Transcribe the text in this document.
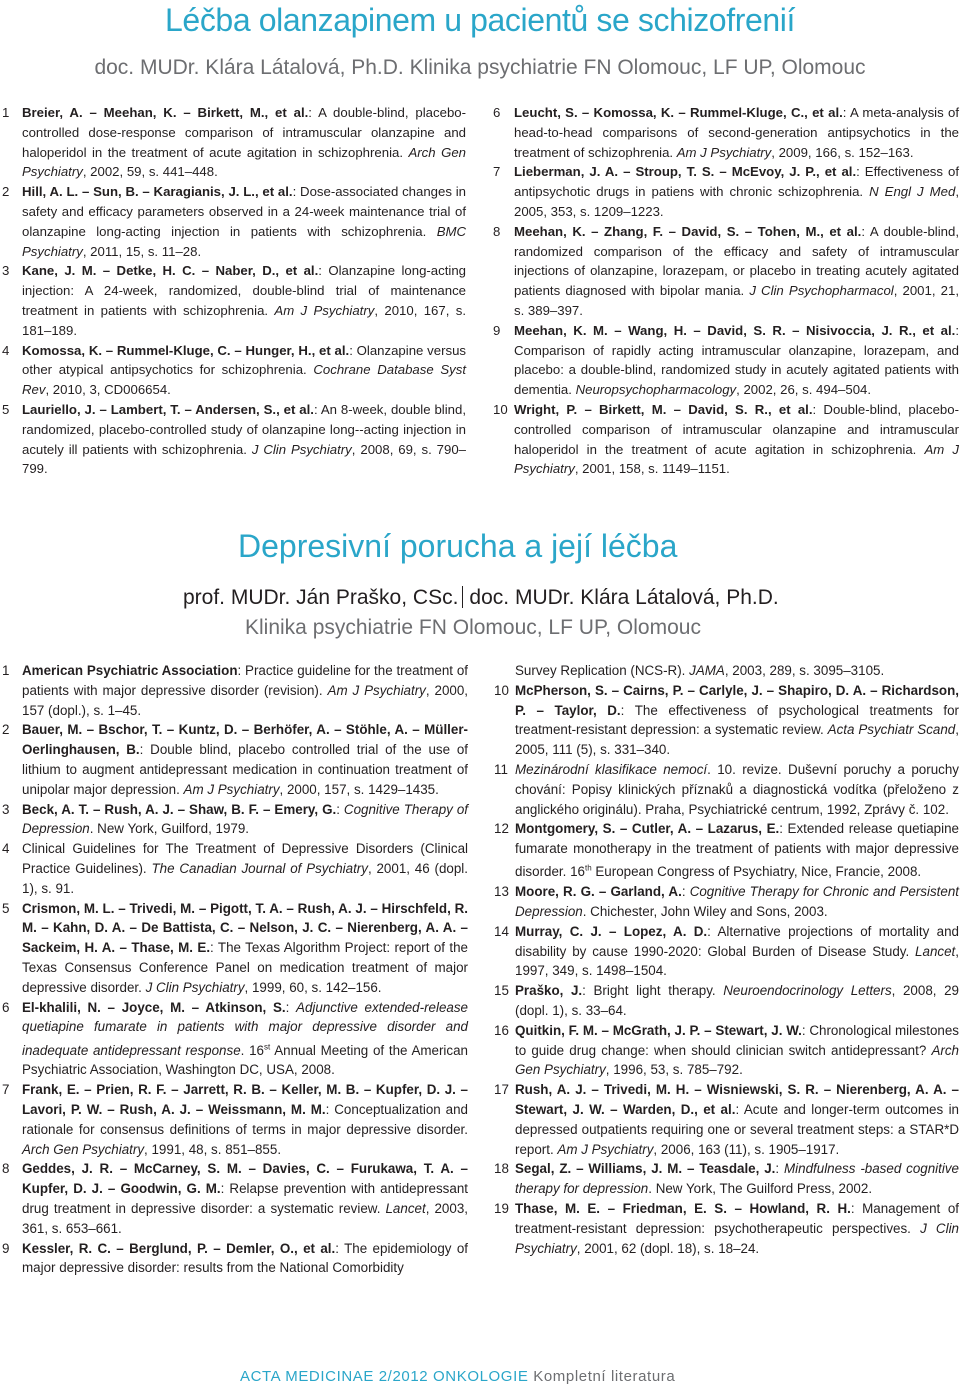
Léčba olanzapinem u pacientů se schizofrenií

doc. MUDr. Klára Látalová, Ph.D. Klinika psychiatrie FN Olomouc, LF UP, Olomouc

1 Breier, A. – Meehan, K. – Birkett, M., et al.: A double-blind, placebo-controlled dose-response comparison of intramuscular olanzapine and haloperidol in the treatment of acute agitation in schizophrenia. Arch Gen Psychiatry, 2002, 59, s. 441–448.
2 Hill, A. L. – Sun, B. – Karagianis, J. L., et al.: Dose-associated changes in safety and efficacy parameters observed in a 24-week maintenance trial of olanzapine long-acting injection in patients with schizophrenia. BMC Psychiatry, 2011, 15, s. 11–28.
3 Kane, J. M. – Detke, H. C. – Naber, D., et al.: Olanzapine long-acting injection: A 24-week, randomized, double-blind trial of maintenance treatment in patients with schizophrenia. Am J Psychiatry, 2010, 167, s. 181–189.
4 Komossa, K. – Rummel-Kluge, C. – Hunger, H., et al.: Olanzapine versus other atypical antipsychotics for schizophrenia. Cochrane Database Syst Rev, 2010, 3, CD006654.
5 Lauriello, J. – Lambert, T. – Andersen, S., et al.: An 8-week, double blind, randomized, placebo-controlled study of olanzapine long--acting injection in acutely ill patients with schizophrenia. J Clin Psychiatry, 2008, 69, s. 790–799.
6 Leucht, S. – Komossa, K. – Rummel-Kluge, C., et al.: A meta-analysis of head-to-head comparisons of second-generation antipsychotics in the treatment of schizophrenia. Am J Psychiatry, 2009, 166, s. 152–163.
7 Lieberman, J. A. – Stroup, T. S. – McEvoy, J. P., et al.: Effectiveness of antipsychotic drugs in patiens with chronic schizophrenia. N Engl J Med, 2005, 353, s. 1209–1223.
8 Meehan, K. – Zhang, F. – David, S. – Tohen, M., et al.: A double-blind, randomized comparison of the efficacy and safety of intramuscular injections of olanzapine, lorazepam, or placebo in treating acutely agitated patients diagnosed with bipolar mania. J Clin Psychopharmacol, 2001, 21, s. 389–397.
9 Meehan, K. M. – Wang, H. – David, S. R. – Nisivoccia, J. R., et al.: Comparison of rapidly acting intramuscular olanzapine, lorazepam, and placebo: a double-blind, randomized study in acutely agitated patients with dementia. Neuropsychopharmacology, 2002, 26, s. 494–504.
10 Wright, P. – Birkett, M. – David, S. R., et al.: Double-blind, placebo-controlled comparison of intramuscular olanzapine and intramuscular haloperidol in the treatment of acute agitation in schizophrenia. Am J Psychiatry, 2001, 158, s. 1149–1151.
Depresivní porucha a její léčba
prof. MUDr. Ján Praško, CSc. doc. MUDr. Klára Látalová, Ph.D.

Klinika psychiatrie FN Olomouc, LF UP, Olomouc

1 American Psychiatric Association: Practice guideline for the treatment of patients with major depressive disorder (revision). Am J Psychiatry, 2000, 157 (dopl.), s. 1–45.
2 Bauer, M. – Bschor, T. – Kuntz, D. – Berhöfer, A. – Stöhle, A. – Müller-Oerlinghausen, B.: Double blind, placebo controlled trial of the use of lithium to augment antidepressant medication in continuation treatment of unipolar major depression. Am J Psychiatry, 2000, 157, s. 1429–1435.
3 Beck, A. T. – Rush, A. J. – Shaw, B. F. – Emery, G.: Cognitive Therapy of Depression. New York, Guilford, 1979.
4 Clinical Guidelines for The Treatment of Depressive Disorders (Clinical Practice Guidelines). The Canadian Journal of Psychiatry, 2001, 46 (dopl. 1), s. 91.
5 Crismon, M. L. – Trivedi, M. – Pigott, T. A. – Rush, A. J. – Hirschfeld, R. M. – Kahn, D. A. – De Battista, C. – Nelson, J. C. – Nierenberg, A. A. – Sackeim, H. A. – Thase, M. E.: The Texas Algorithm Project: report of the Texas Consensus Conference Panel on medication treatment of major depressive disorder. J Clin Psychiatry, 1999, 60, s. 142–156.
6 El-khalili, N. – Joyce, M. – Atkinson, S.: Adjunctive extended-release quetiapine fumarate in patients with major depressive disorder and inadequate antidepressant response. 16st Annual Meeting of the American Psychiatric Association, Washington DC, USA, 2008.
7 Frank, E. – Prien, R. F. – Jarrett, R. B. – Keller, M. B. – Kupfer, D. J. – Lavori, P. W. – Rush, A. J. – Weissmann, M. M.: Conceptualization and rationale for consensus definitions of terms in major depressive disorder. Arch Gen Psychiatry, 1991, 48, s. 851–855.
8 Geddes, J. R. – McCarney, S. M. – Davies, C. – Furukawa, T. A. – Kupfer, D. J. – Goodwin, G. M.: Relapse prevention with antidepressant drug treatment in depressive disorder: a systematic review. Lancet, 2003, 361, s. 653–661.
9 Kessler, R. C. – Berglund, P. – Demler, O., et al.: The epidemiology of major depressive disorder: results from the National Comorbidity
Survey Replication (NCS-R). JAMA, 2003, 289, s. 3095–3105.
10 McPherson, S. – Cairns, P. – Carlyle, J. – Shapiro, D. A. – Richardson, P. – Taylor, D.: The effectiveness of psychological treatments for treatment-resistant depression: a systematic review. Acta Psychiatr Scand, 2005, 111 (5), s. 331–340.
11 Mezinárodní klasifikace nemocí. 10. revize. Duševní poruchy a poruchy chování: Popisy klinických příznaků a diagnostická vodítka (přeloženo z anglického originálu). Praha, Psychiatrické centrum, 1992, Zprávy č. 102.
12 Montgomery, S. – Cutler, A. – Lazarus, E.: Extended release quetiapine fumarate monotherapy in the treatment of patients with major depressive disorder. 16th European Congress of Psychiatry, Nice, Francie, 2008.
13 Moore, R. G. – Garland, A.: Cognitive Therapy for Chronic and Persistent Depression. Chichester, John Wiley and Sons, 2003.
14 Murray, C. J. – Lopez, A. D.: Alternative projections of mortality and disability by cause 1990-2020: Global Burden of Disease Study. Lancet, 1997, 349, s. 1498–1504.
15 Praško, J.: Bright light therapy. Neuroendocrinology Letters, 2008, 29 (dopl. 1), s. 33–64.
16 Quitkin, F. M. – McGrath, J. P. – Stewart, J. W.: Chronological milestones to guide drug change: when should clinician switch antidepressant? Arch Gen Psychiatry, 1996, 53, s. 785–792.
17 Rush, A. J. – Trivedi, M. H. – Wisniewski, S. R. – Nierenberg, A. A. – Stewart, J. W. – Warden, D., et al.: Acute and longer-term outcomes in depressed outpatients requiring one or several treatment steps: a STAR*D report. Am J Psychiatry, 2006, 163 (11), s. 1905–1917.
18 Segal, Z. – Williams, J. M. – Teasdale, J.: Mindfulness -based cognitive therapy for depression. New York, The Guilford Press, 2002.
19 Thase, M. E. – Friedman, E. S. – Howland, R. H.: Management of treatment-resistant depression: psychotherapeutic perspectives. J Clin Psychiatry, 2001, 62 (dopl. 18), s. 18–24.
ACTA MEDICINAE 2/2012 ONKOLOGIE Kompletní literatura
